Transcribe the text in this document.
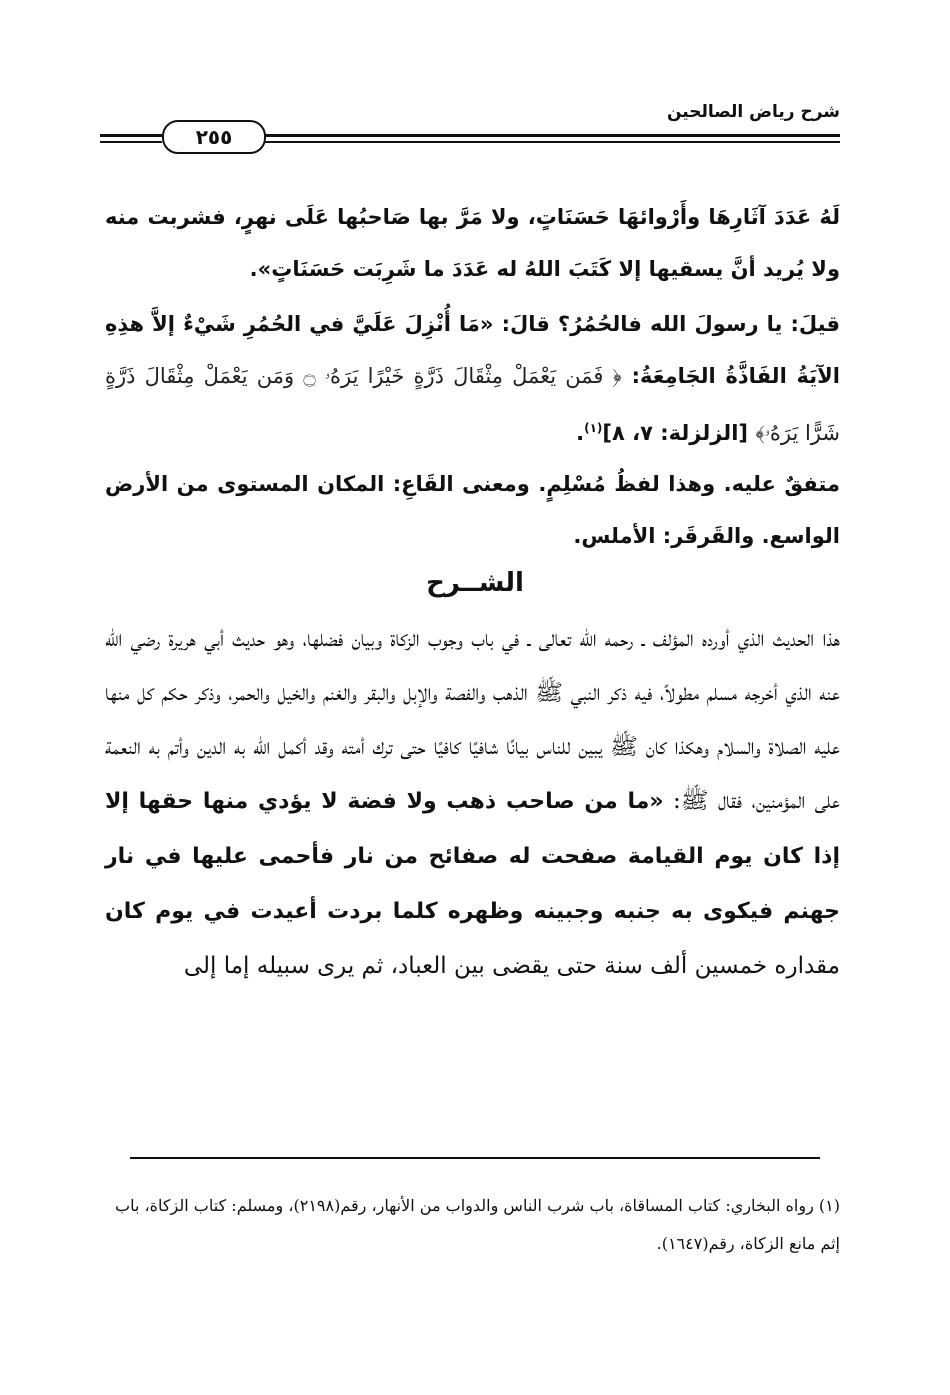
شرح رياض الصالحين
٢٥٥
لَهُ عَدَدَ آثَارِهَا وأَرْوائهَا حَسَنَاتٍ، ولا مَرَّ بها صَاحبُها عَلَى نهرٍ، فشربت منه ولا يُريد أنَّ يسقيها إلا كَتَبَ اللهُ له عَدَدَ ما شَرِبَت حَسَنَاتٍ».
قيلَ: يا رسولَ الله فالحُمُرُ؟ قالَ: «مَا أُنْزِلَ عَلَيَّ في الحُمُرِ شَيْءٌ إلاَّ هذِهِ الآيَةُ الفَاذَّةُ الجَامِعَةُ: ﴿ فَمَن يَعْمَلْ مِثْقَالَ ذَرَّةٍ خَيْرًا يَرَهُۥ ۝ وَمَن يَعْمَلْ مِثْقَالَ ذَرَّةٍ شَرًّا يَرَهُۥ﴾ [الزلزلة: ٧، ٨]$^{(١)}$.
متفقٌ عليه. وهذا لفظُ مُسْلِمٍ. ومعنى القَاعِ: المكان المستوى من الأرض الواسع. والقَرقَر: الأملس.
الشــرح
هذا الحديث الذي أورده المؤلف ـ رحمه الله تعالى ـ في باب وجوب الزكاة وبيان فضلها، وهو حديث أبي هريرة رضي الله عنه الذي أخرجه مسلم مطولاً، فيه ذكر النبي ﷺ الذهب والفصة والإبل والبقر والغنم والخيل والحمر، وذكر حكم كل منها عليه الصلاة والسلام وهكذا كان ﷺ يبين للناس بيانًا شافيًا كافيًا حتى ترك أمته وقد أكمل الله به الدين وأتم به النعمة على المؤمنين، فقال ﷺ: «ما من صاحب ذهب ولا فضة لا يؤدي منها حقها إلا إذا كان يوم القيامة صفحت له صفائح من نار فأحمى عليها في نار جهنم فيكوى به جنبه وجبينه وظهره كلما بردت أعيدت في يوم كان مقداره خمسين ألف سنة حتى يقضى بين العباد، ثم يرى سبيله إما إلى
(١) رواه البخاري: كتاب المساقاة، باب شرب الناس والدواب من الأنهار، رقم(٢١٩٨)، ومسلم: كتاب الزكاة، باب إثم مانع الزكاة، رقم(١٦٤٧).
